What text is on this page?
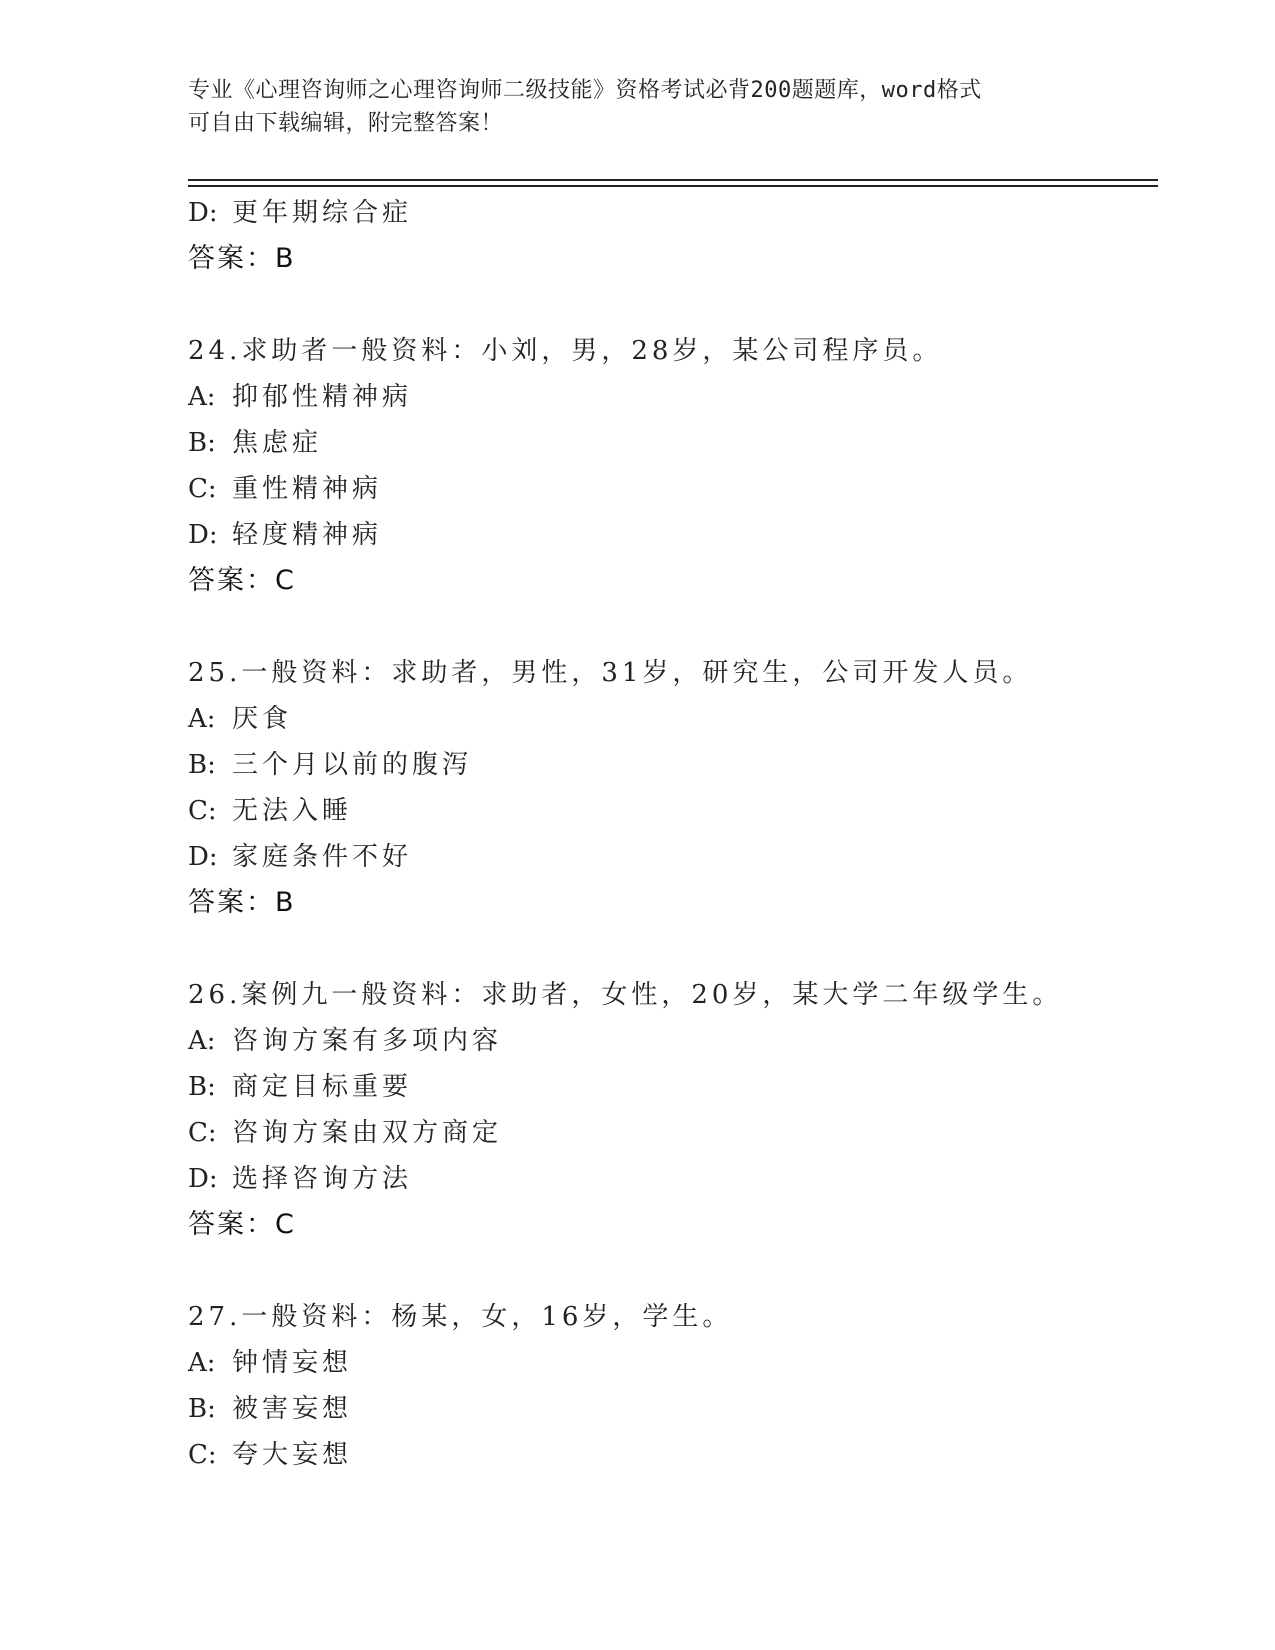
专业《心理咨询师之心理咨询师二级技能》资格考试必背200题题库，word格式
可自由下载编辑，附完整答案！
D: 更年期综合症
答案：B
24.求助者一般资料：小刘，男，28岁，某公司程序员。
A: 抑郁性精神病
B: 焦虑症
C: 重性精神病
D: 轻度精神病
答案：C
25.一般资料：求助者，男性，31岁，研究生，公司开发人员。
A: 厌食
B: 三个月以前的腹泻
C: 无法入睡
D: 家庭条件不好
答案：B
26.案例九一般资料：求助者，女性，20岁，某大学二年级学生。
A: 咨询方案有多项内容
B: 商定目标重要
C: 咨询方案由双方商定
D: 选择咨询方法
答案：C
27.一般资料：杨某，女，16岁，学生。
A: 钟情妄想
B: 被害妄想
C: 夸大妄想
